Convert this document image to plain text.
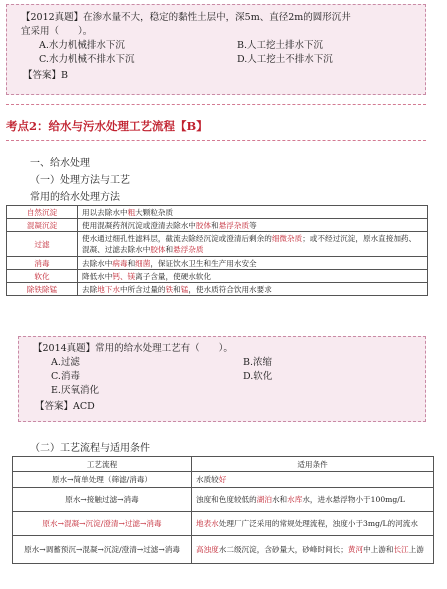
【2012真题】在渗水量不大，稳定的黏性土层中，深5m、直径2m的圆形沉井
宜采用（　　）。
A.水力机械排水下沉	B.人工挖土排水下沉
C.水力机械不排水下沉	D.人工挖土不排水下沉
【答案】B
考点2：给水与污水处理工艺流程【B】
一、给水处理
（一）处理方法与工艺
常用的给水处理方法
自然沉淀	用以去除水中粗大颗粒杂质
混凝沉淀	使用混凝药剂沉淀或澄清去除水中胶体和悬浮杂质等
过滤	使水通过细孔性滤料层，截流去除经沉淀或澄清后剩余的细微杂质；或不经过沉淀，原水直接加药、混凝、过滤去除水中胶体和悬浮杂质
消毒	去除水中病毒和细菌，保证饮水卫生和生产用水安全
软化	降低水中钙、镁离子含量，使硬水软化
除铁除锰	去除地下水中所含过量的铁和锰，使水质符合饮用水要求
【2014真题】常用的给水处理工艺有（　　）。
A.过滤	B.浓缩
C.消毒	D.软化
E.厌氧消化
【答案】ACD
（二）工艺流程与适用条件
工艺流程	适用条件
原水→简单处理（筛滤/消毒）	水质较好
原水→接触过滤→消毒	浊度和色度较低的湖泊水和水库水，进水悬浮物小于100mg/L
原水→混凝→沉淀/澄清→过滤→消毒	地表水处理厂广泛采用的常规处理流程，浊度小于3mg/L的河流水
原水→调蓄预沉→混凝→沉淀/澄清→过滤→消毒	高浊度水二级沉淀，含砂量大，砂峰时间长；黄河中上游和长江上游
